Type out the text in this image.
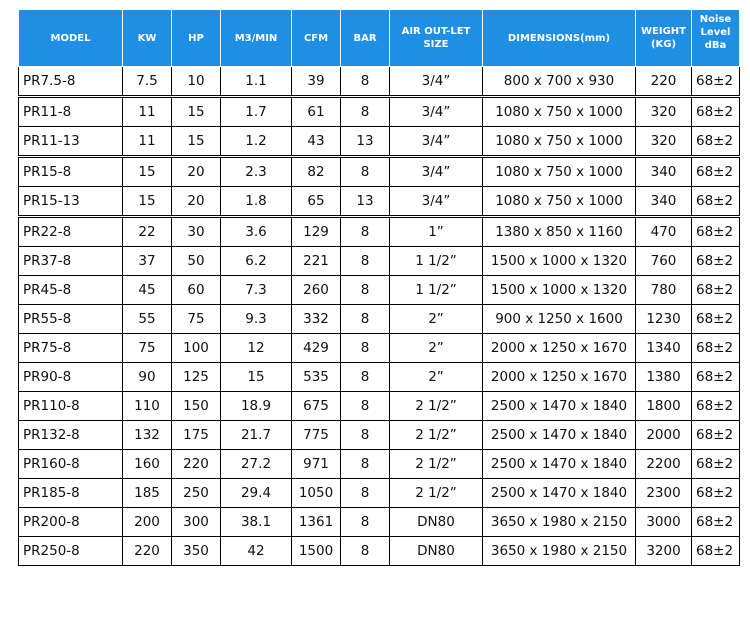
MODEL	KW	HP	M3/MIN	CFM	BAR	AIR OUT-LET SIZE	DIMENSIONS(mm)	WEIGHT (KG)	Noise Level dBa
PR7.5-8	7.5	10	1.1	39	8	3/4”	800 x 700 x 930	220	68±2
PR11-8	11	15	1.7	61	8	3/4”	1080 x 750 x 1000	320	68±2
PR11-13	11	15	1.2	43	13	3/4”	1080 x 750 x 1000	320	68±2
PR15-8	15	20	2.3	82	8	3/4”	1080 x 750 x 1000	340	68±2
PR15-13	15	20	1.8	65	13	3/4”	1080 x 750 x 1000	340	68±2
PR22-8	22	30	3.6	129	8	1”	1380 x 850 x 1160	470	68±2
PR37-8	37	50	6.2	221	8	1 1/2”	1500 x 1000 x 1320	760	68±2
PR45-8	45	60	7.3	260	8	1 1/2”	1500 x 1000 x 1320	780	68±2
PR55-8	55	75	9.3	332	8	2”	900 x 1250 x 1600	1230	68±2
PR75-8	75	100	12	429	8	2”	2000 x 1250 x 1670	1340	68±2
PR90-8	90	125	15	535	8	2”	2000 x 1250 x 1670	1380	68±2
PR110-8	110	150	18.9	675	8	2 1/2”	2500 x 1470 x 1840	1800	68±2
PR132-8	132	175	21.7	775	8	2 1/2”	2500 x 1470 x 1840	2000	68±2
PR160-8	160	220	27.2	971	8	2 1/2”	2500 x 1470 x 1840	2200	68±2
PR185-8	185	250	29.4	1050	8	2 1/2”	2500 x 1470 x 1840	2300	68±2
PR200-8	200	300	38.1	1361	8	DN80	3650 x 1980 x 2150	3000	68±2
PR250-8	220	350	42	1500	8	DN80	3650 x 1980 x 2150	3200	68±2
